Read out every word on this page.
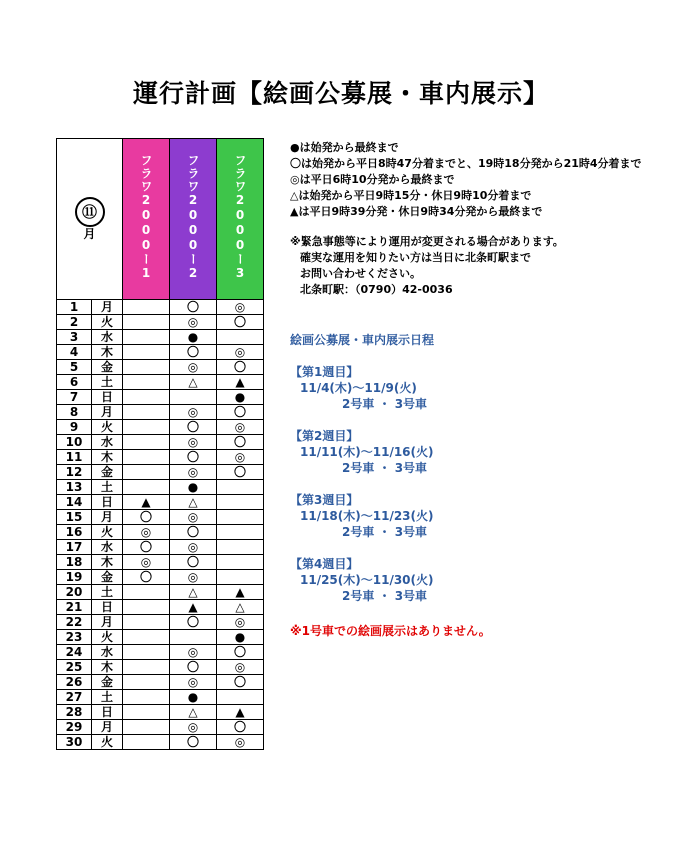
運行計画【絵画公募展・車内展示】
⑪
月		フラワ2000ー1	フラワ2000ー2	フラワ2000ー3
1	月		〇	◎
2	火		◎	〇
3	水		●	
4	木		〇	◎
5	金		◎	〇
6	土		△	▲
7	日			●
8	月		◎	〇
9	火		〇	◎
10	水		◎	〇
11	木		〇	◎
12	金		◎	〇
13	土		●	
14	日	▲	△	
15	月	〇	◎	
16	火	◎	〇	
17	水	〇	◎	
18	木	◎	〇	
19	金	〇	◎	
20	土		△	▲
21	日		▲	△
22	月		〇	◎
23	火			●
24	水		◎	〇
25	木		〇	◎
26	金		◎	〇
27	土		●	
28	日		△	▲
29	月		◎	〇
30	火		〇	◎
●は始発から最終まで
〇は始発から平日8時47分着までと、19時18分発から21時4分着まで
◎は平日6時10分発から最終まで
△は始発から平日9時15分・休日9時10分着まで
▲は平日9時39分発・休日9時34分発から最終まで
※緊急事態等により運用が変更される場合があります。
確実な運用を知りたい方は当日に北条町駅まで
お問い合わせください。
北条町駅：（0790）42-0036
絵画公募展・車内展示日程
【第1週目】
11/4(木)～11/9(火)
2号車 ・ 3号車
【第2週目】
11/11(木)～11/16(火)
2号車 ・ 3号車
【第3週目】
11/18(木)～11/23(火)
2号車 ・ 3号車
【第4週目】
11/25(木)～11/30(火)
2号車 ・ 3号車
※1号車での絵画展示はありません。
